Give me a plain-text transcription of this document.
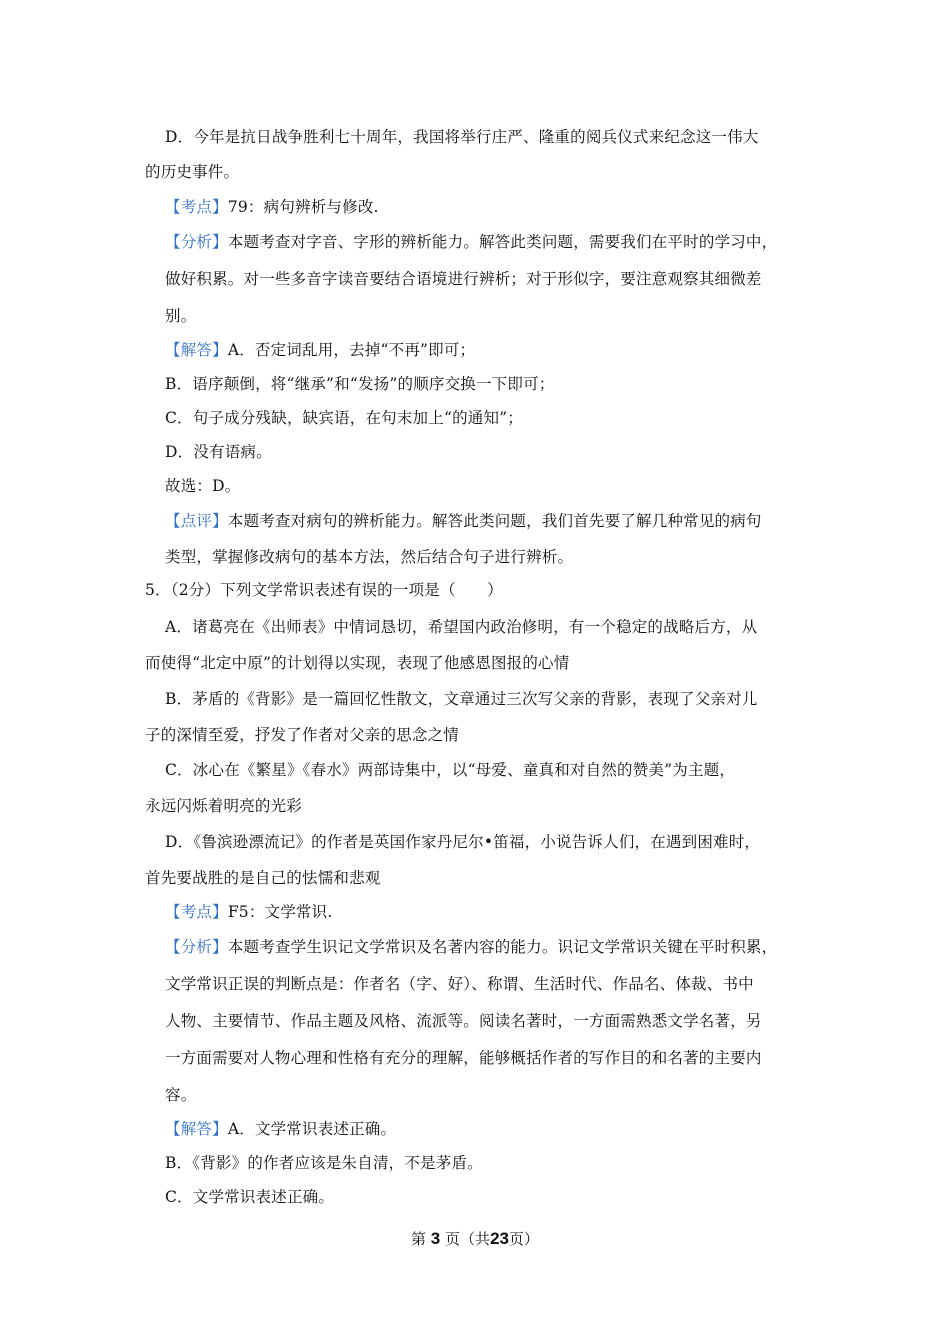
D．今年是抗日战争胜利七十周年，我国将举行庄严、隆重的阅兵仪式来纪念这一伟大
的历史事件。
【考点】79：病句辨析与修改.
【分析】本题考查对字音、字形的辨析能力。解答此类问题，需要我们在平时的学习中，
做好积累。对一些多音字读音要结合语境进行辨析；对于形似字，要注意观察其细微差
别。
【解答】A．否定词乱用，去掉“不再”即可；
B．语序颠倒，将“继承”和“发扬”的顺序交换一下即可；
C．句子成分残缺，缺宾语，在句末加上“的通知”；
D．没有语病。
故选：D。
【点评】本题考查对病句的辨析能力。解答此类问题，我们首先要了解几种常见的病句
类型，掌握修改病句的基本方法，然后结合句子进行辨析。
5．（2分）下列文学常识表述有误的一项是（　　）
A．诸葛亮在《出师表》中情词恳切，希望国内政治修明，有一个稳定的战略后方，从
而使得“北定中原”的计划得以实现，表现了他感恩图报的心情
B．茅盾的《背影》是一篇回忆性散文，文章通过三次写父亲的背影，表现了父亲对儿
子的深情至爱，抒发了作者对父亲的思念之情
C．冰心在《繁星》《春水》两部诗集中，以“母爱、童真和对自然的赞美”为主题，
永远闪烁着明亮的光彩
D．《鲁滨逊漂流记》的作者是英国作家丹尼尔•笛福，小说告诉人们，在遇到困难时，
首先要战胜的是自己的怯懦和悲观
【考点】F5：文学常识.
【分析】本题考查学生识记文学常识及名著内容的能力。识记文学常识关键在平时积累，
文学常识正误的判断点是：作者名（字、好）、称谓、生活时代、作品名、体裁、书中
人物、主要情节、作品主题及风格、流派等。阅读名著时，一方面需熟悉文学名著，另
一方面需要对人物心理和性格有充分的理解，能够概括作者的写作目的和名著的主要内
容。
【解答】A．文学常识表述正确。
B．《背影》的作者应该是朱自清，不是茅盾。
C．文学常识表述正确。
第 3 页（共23页）
